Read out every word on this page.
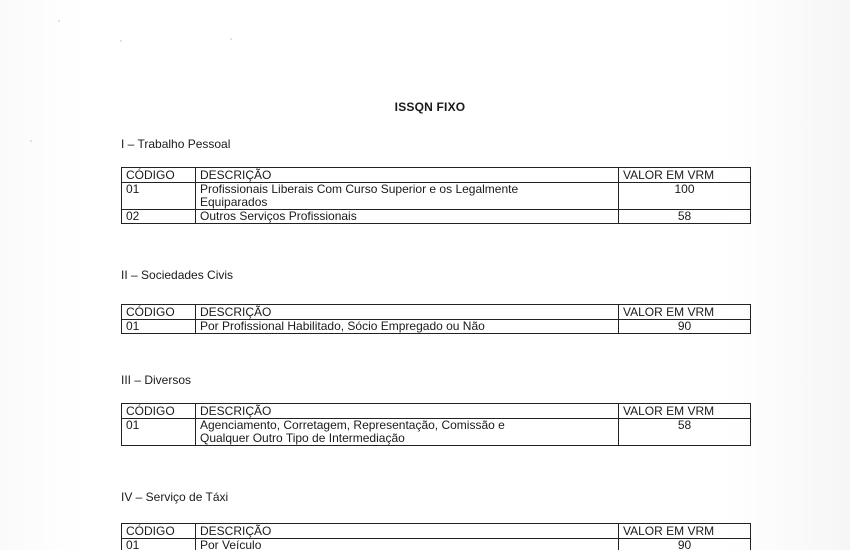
ISSQN FIXO
I – Trabalho Pessoal
CÓDIGO	DESCRIÇÃO	VALOR EM VRM
01	Profissionais Liberais Com Curso Superior e os Legalmente
Equiparados	100
02	Outros Serviços Profissionais	58
II – Sociedades Civis
CÓDIGO	DESCRIÇÃO	VALOR EM VRM
01	Por Profissional Habilitado, Sócio Empregado ou Não	90
III – Diversos
CÓDIGO	DESCRIÇÃO	VALOR EM VRM
01	Agenciamento, Corretagem, Representação, Comissão e
Qualquer Outro Tipo de Intermediação	58
IV – Serviço de Táxi
CÓDIGO	DESCRIÇÃO	VALOR EM VRM
01	Por Veículo	90
